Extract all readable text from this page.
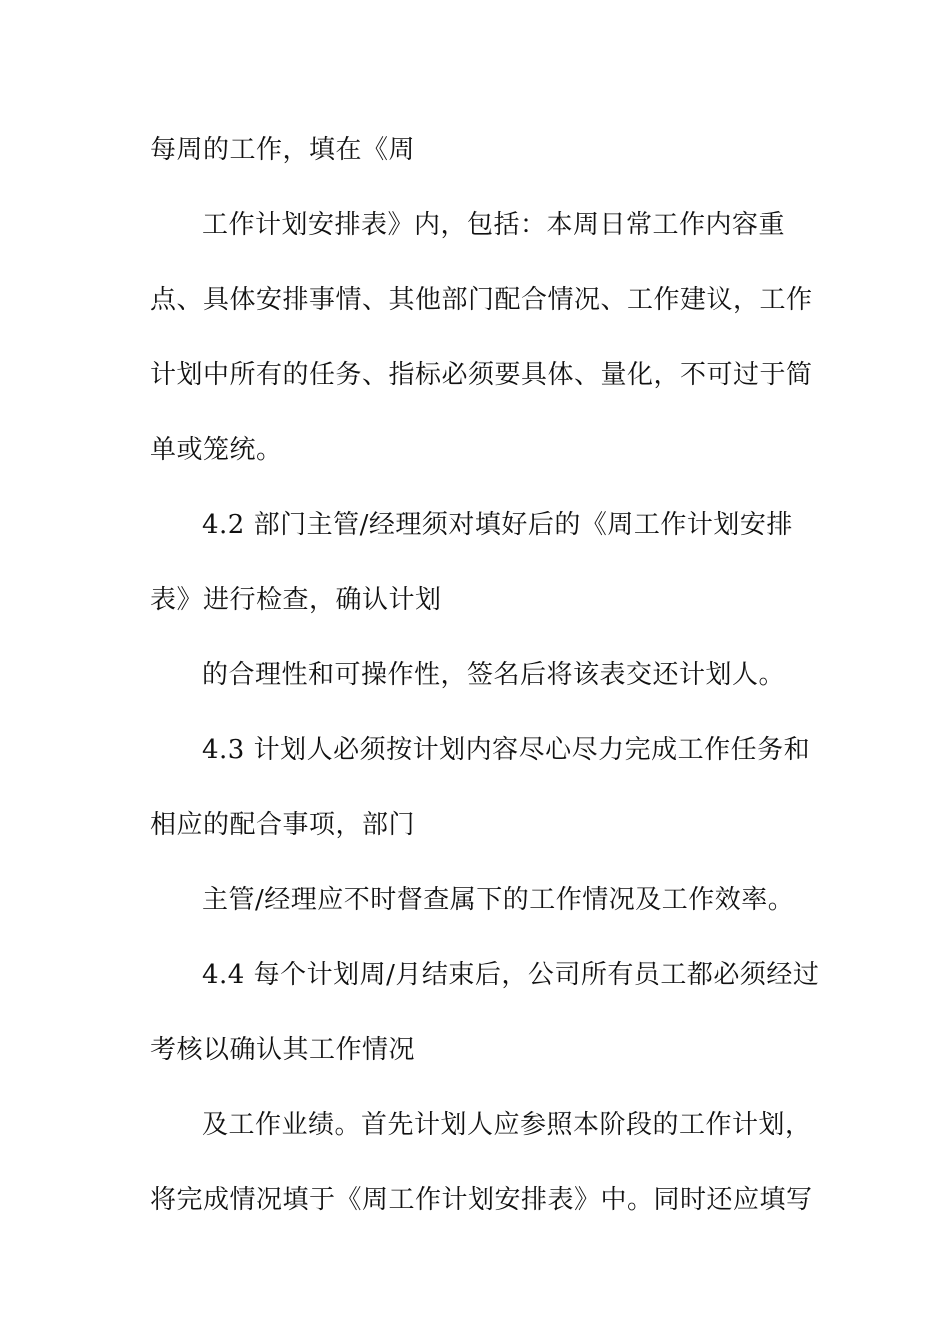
每周的工作，填在《周

工作计划安排表》内，包括：本周日常工作内容重

点、具体安排事情、其他部门配合情况、工作建议，工作

计划中所有的任务、指标必须要具体、量化，不可过于简

单或笼统。

4.2 部门主管/经理须对填好后的《周工作计划安排

表》进行检查，确认计划

的合理性和可操作性，签名后将该表交还计划人。

4.3 计划人必须按计划内容尽心尽力完成工作任务和

相应的配合事项，部门

主管/经理应不时督查属下的工作情况及工作效率。

4.4 每个计划周/月结束后，公司所有员工都必须经过

考核以确认其工作情况

及工作业绩。首先计划人应参照本阶段的工作计划，

将完成情况填于《周工作计划安排表》中。同时还应填写
